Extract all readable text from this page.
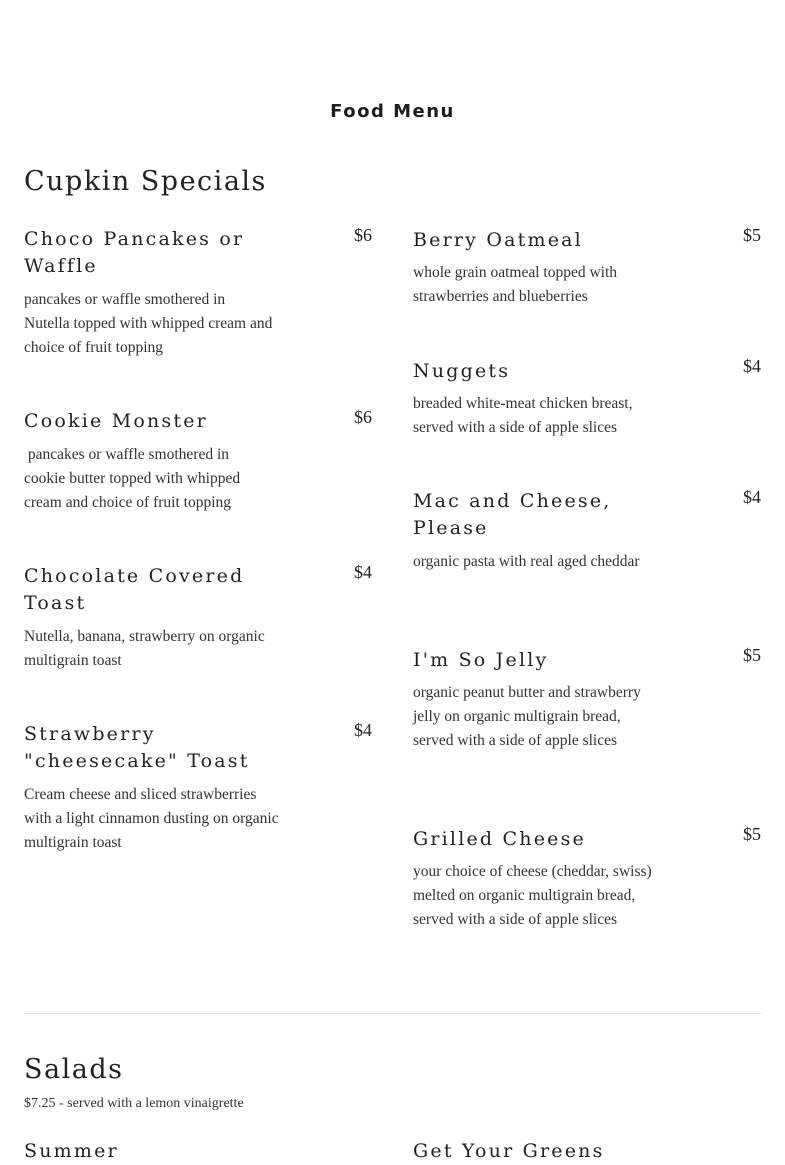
Food Menu
Cupkin Specials
Choco Pancakes or Waffle
$6
pancakes or waffle smothered in Nutella topped with whipped cream and choice of fruit topping
Cookie Monster	$6
pancakes or waffle smothered in cookie butter topped with whipped cream and choice of fruit topping
Chocolate Covered Toast
$4
Nutella, banana, strawberry on organic multigrain toast
Strawberry "cheesecake" Toast
$4
Cream cheese and sliced strawberries with a light cinnamon dusting on organic multigrain toast
Berry Oatmeal	$5
whole grain oatmeal topped with strawberries and blueberries
Nuggets	$4
breaded white-meat chicken breast, served with a side of apple slices
Mac and Cheese, Please
$4
organic pasta with real aged cheddar
I'm So Jelly	$5
organic peanut butter and strawberry jelly on organic multigrain bread, served with a side of apple slices
Grilled Cheese	$5
your choice of cheese (cheddar, swiss) melted on organic multigrain bread, served with a side of apple slices
Salads
$7.25 - served with a lemon vinaigrette
Summer	Get Your Greens
